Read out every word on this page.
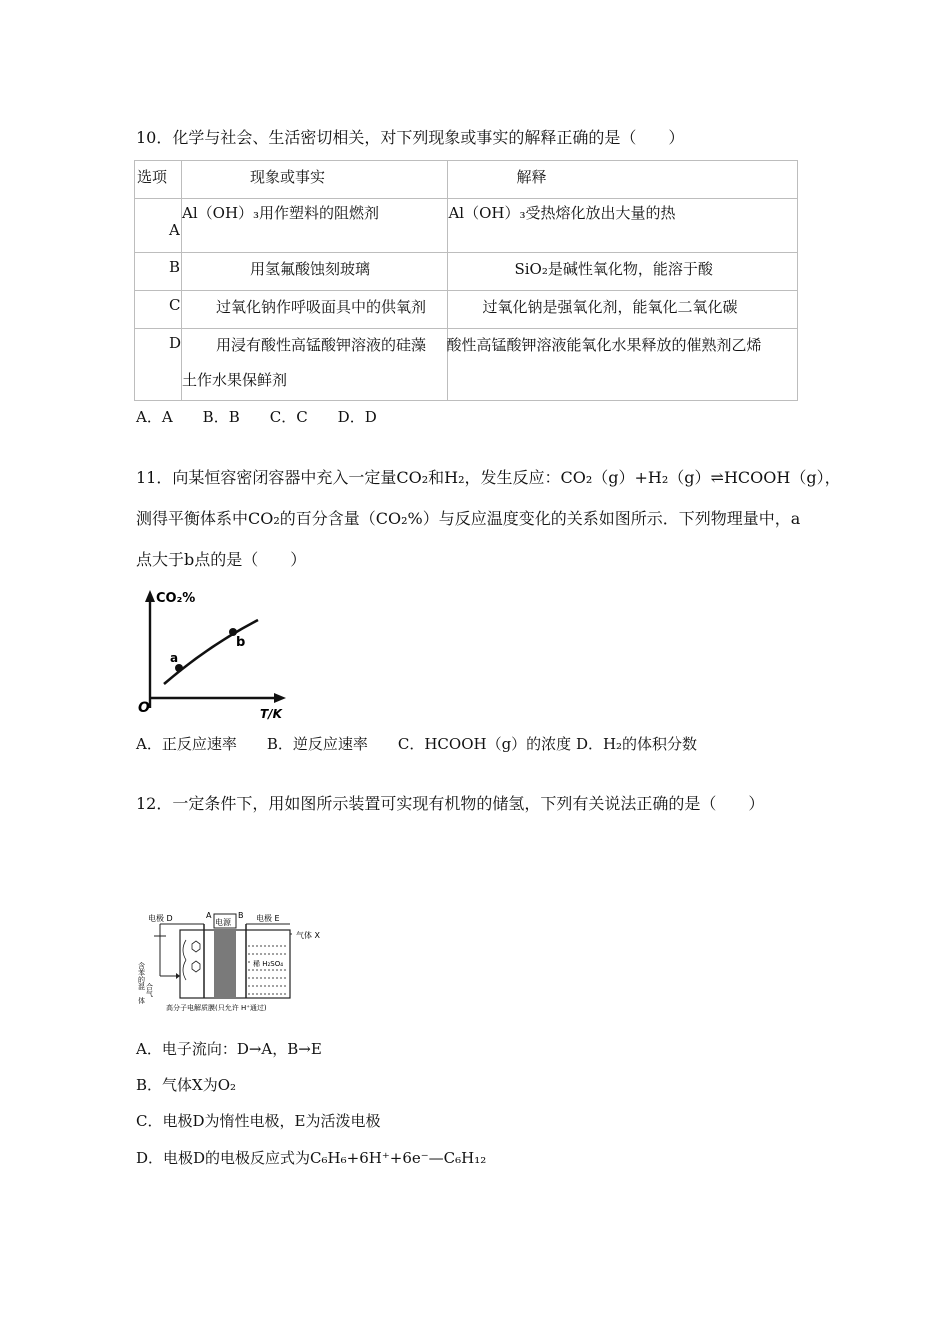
10．化学与社会、生活密切相关，对下列现象或事实的解释正确的是（　　）
选项	现象或事实	解释

A	Al（OH）₃用作塑料的阻燃剂	Al（OH）₃受热熔化放出大量的热

B	用氢氟酸蚀刻玻璃	SiO₂是碱性氧化物，能溶于酸

C	过氧化钠作呼吸面具中的供氧剂	过氧化钠是强氧化剂，能氧化二氧化碳

D	用浸有酸性高锰酸钾溶液的硅藻
土作水果保鲜剂	酸性高锰酸钾溶液能氧化水果释放的催熟剂乙烯
A．A　　B．B　　C．C　　D．D
11．向某恒容密闭容器中充入一定量CO₂和H₂，发生反应：CO₂（g）+H₂（g）⇌HCOOH（g），
测得平衡体系中CO₂的百分含量（CO₂%）与反应温度变化的关系如图所示．下列物理量中，a
点大于b点的是（　　）
CO₂%
T/K
O
a
b
A．正反应速率　　B．逆反应速率　　C．HCOOH（g）的浓度 D．H₂的体积分数
12．一定条件下，用如图所示装置可实现有机物的储氢，下列有关说法正确的是（　　）
电源
电极 D	A	B 电极 E
气体 X
稀 H₂SO₄
含
苯
的
混 合
气
体
高分子电解质膜(只允许 H⁺通过)
A．电子流向：D→A，B→E
B．气体X为O₂
C．电极D为惰性电极，E为活泼电极
D．电极D的电极反应式为C₆H₆+6H⁺+6e⁻—C₆H₁₂
